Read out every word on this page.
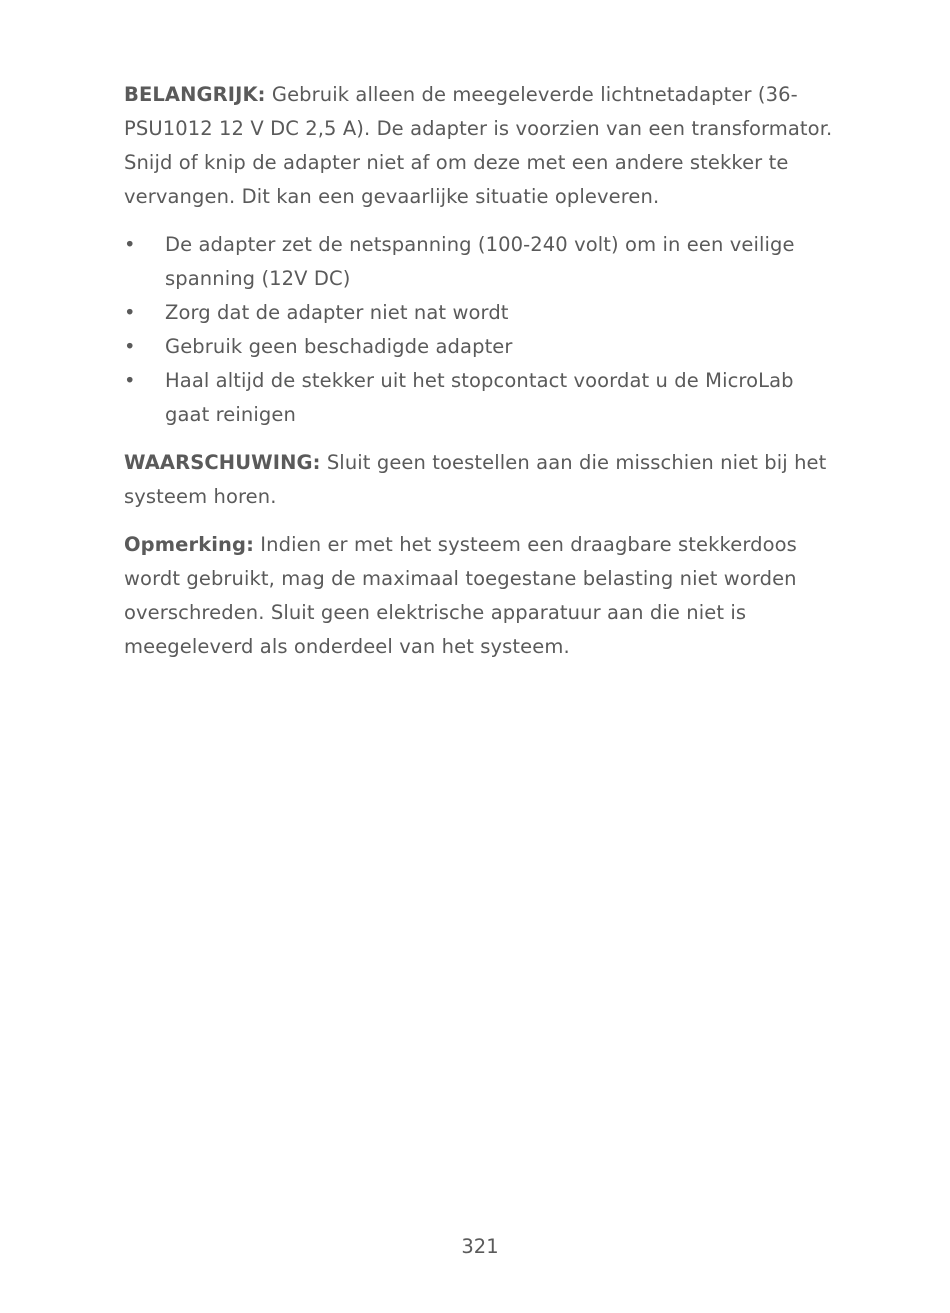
BELANGRIJK: Gebruik alleen de meegeleverde lichtnetadapter (36-PSU1012 12 V DC 2,5 A). De adapter is voorzien van een transformator. Snijd of knip de adapter niet af om deze met een andere stekker te vervangen. Dit kan een gevaarlijke situatie opleveren.

• De adapter zet de netspanning (100-240 volt) om in een veilige spanning (12V DC)
• Zorg dat de adapter niet nat wordt
• Gebruik geen beschadigde adapter
• Haal altijd de stekker uit het stopcontact voordat u de MicroLab gaat reinigen

WAARSCHUWING: Sluit geen toestellen aan die misschien niet bij het systeem horen.

Opmerking: Indien er met het systeem een draagbare stekkerdoos wordt gebruikt, mag de maximaal toegestane belasting niet worden overschreden. Sluit geen elektrische apparatuur aan die niet is meegeleverd als onderdeel van het systeem.

321
